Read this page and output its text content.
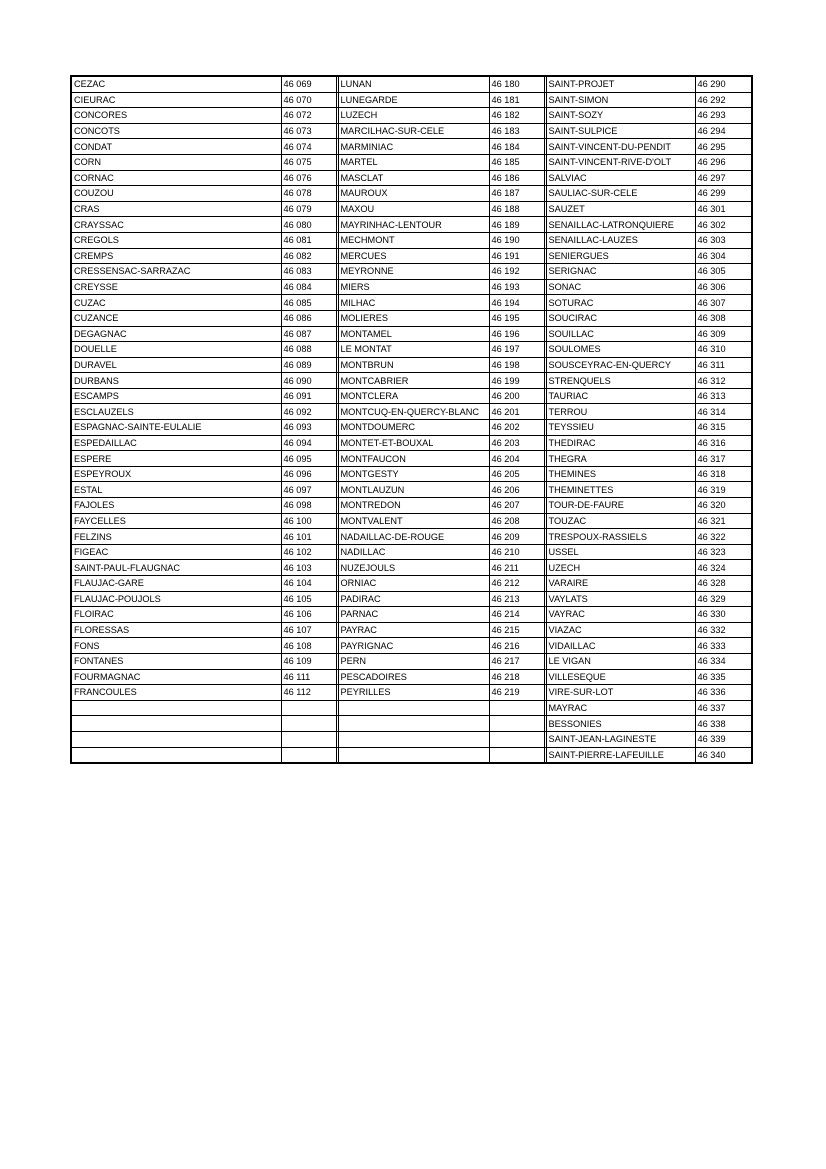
CEZAC	46 069		LUNAN	46 180		SAINT-PROJET	46 290
CIEURAC	46 070		LUNEGARDE	46 181		SAINT-SIMON	46 292
CONCORES	46 072		LUZECH	46 182		SAINT-SOZY	46 293
CONCOTS	46 073		MARCILHAC-SUR-CELE	46 183		SAINT-SULPICE	46 294
CONDAT	46 074		MARMINIAC	46 184		SAINT-VINCENT-DU-PENDIT	46 295
CORN	46 075		MARTEL	46 185		SAINT-VINCENT-RIVE-D'OLT	46 296
CORNAC	46 076		MASCLAT	46 186		SALVIAC	46 297
COUZOU	46 078		MAUROUX	46 187		SAULIAC-SUR-CELE	46 299
CRAS	46 079		MAXOU	46 188		SAUZET	46 301
CRAYSSAC	46 080		MAYRINHAC-LENTOUR	46 189		SENAILLAC-LATRONQUIERE	46 302
CREGOLS	46 081		MECHMONT	46 190		SENAILLAC-LAUZES	46 303
CREMPS	46 082		MERCUES	46 191		SENIERGUES	46 304
CRESSENSAC-SARRAZAC	46 083		MEYRONNE	46 192		SERIGNAC	46 305
CREYSSE	46 084		MIERS	46 193		SONAC	46 306
CUZAC	46 085		MILHAC	46 194		SOTURAC	46 307
CUZANCE	46 086		MOLIERES	46 195		SOUCIRAC	46 308
DEGAGNAC	46 087		MONTAMEL	46 196		SOUILLAC	46 309
DOUELLE	46 088		LE MONTAT	46 197		SOULOMES	46 310
DURAVEL	46 089		MONTBRUN	46 198		SOUSCEYRAC-EN-QUERCY	46 311
DURBANS	46 090		MONTCABRIER	46 199		STRENQUELS	46 312
ESCAMPS	46 091		MONTCLERA	46 200		TAURIAC	46 313
ESCLAUZELS	46 092		MONTCUQ-EN-QUERCY-BLANC	46 201		TERROU	46 314
ESPAGNAC-SAINTE-EULALIE	46 093		MONTDOUMERC	46 202		TEYSSIEU	46 315
ESPEDAILLAC	46 094		MONTET-ET-BOUXAL	46 203		THEDIRAC	46 316
ESPERE	46 095		MONTFAUCON	46 204		THEGRA	46 317
ESPEYROUX	46 096		MONTGESTY	46 205		THEMINES	46 318
ESTAL	46 097		MONTLAUZUN	46 206		THEMINETTES	46 319
FAJOLES	46 098		MONTREDON	46 207		TOUR-DE-FAURE	46 320
FAYCELLES	46 100		MONTVALENT	46 208		TOUZAC	46 321
FELZINS	46 101		NADAILLAC-DE-ROUGE	46 209		TRESPOUX-RASSIELS	46 322
FIGEAC	46 102		NADILLAC	46 210		USSEL	46 323
SAINT-PAUL-FLAUGNAC	46 103		NUZEJOULS	46 211		UZECH	46 324
FLAUJAC-GARE	46 104		ORNIAC	46 212		VARAIRE	46 328
FLAUJAC-POUJOLS	46 105		PADIRAC	46 213		VAYLATS	46 329
FLOIRAC	46 106		PARNAC	46 214		VAYRAC	46 330
FLORESSAS	46 107		PAYRAC	46 215		VIAZAC	46 332
FONS	46 108		PAYRIGNAC	46 216		VIDAILLAC	46 333
FONTANES	46 109		PERN	46 217		LE VIGAN	46 334
FOURMAGNAC	46 111		PESCADOIRES	46 218		VILLESEQUE	46 335
FRANCOULES	46 112		PEYRILLES	46 219		VIRE-SUR-LOT	46 336
						MAYRAC	46 337
						BESSONIES	46 338
						SAINT-JEAN-LAGINESTE	46 339
						SAINT-PIERRE-LAFEUILLE	46 340
